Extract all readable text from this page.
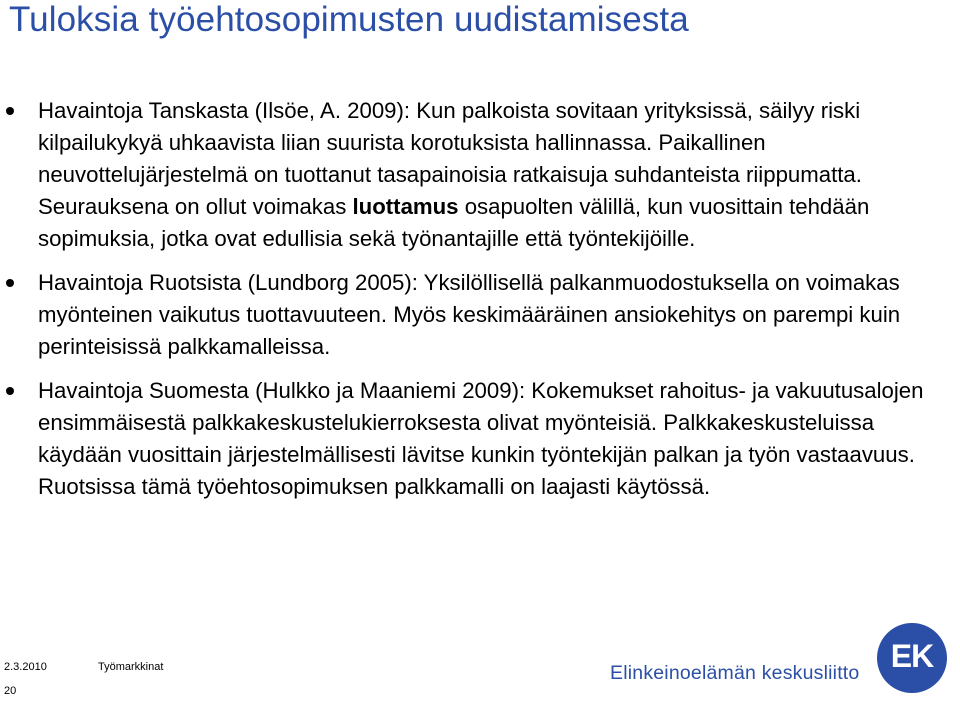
Tuloksia työehtosopimusten uudistamisesta
Havaintoja Tanskasta (Ilsöe, A. 2009): Kun palkoista sovitaan yrityksissä, säilyy riski kilpailukykyä uhkaavista liian suurista korotuksista hallinnassa. Paikallinen neuvottelujärjestelmä on tuottanut tasapainoisia ratkaisuja suhdanteista riippumatta. Seurauksena on ollut voimakas luottamus osapuolten välillä, kun vuosittain tehdään sopimuksia, jotka ovat edullisia sekä työnantajille että työntekijöille.
Havaintoja Ruotsista (Lundborg 2005): Yksilöllisellä palkanmuodostuksella on voimakas myönteinen vaikutus tuottavuuteen. Myös keskimääräinen ansiokehitys on parempi kuin perinteisissä palkkamalleissa.
Havaintoja Suomesta (Hulkko ja Maaniemi 2009): Kokemukset rahoitus- ja vakuutusalojen ensimmäisestä palkkakeskustelukierroksesta olivat myönteisiä. Palkkakeskusteluissa käydään vuosittain järjestelmällisesti lävitse kunkin työntekijän palkan ja työn vastaavuus. Ruotsissa tämä työehtosopimuksen palkkamalli on laajasti käytössä.
2.3.2010	Työmarkkinat
20
Elinkeinoelämän keskusliitto EK
